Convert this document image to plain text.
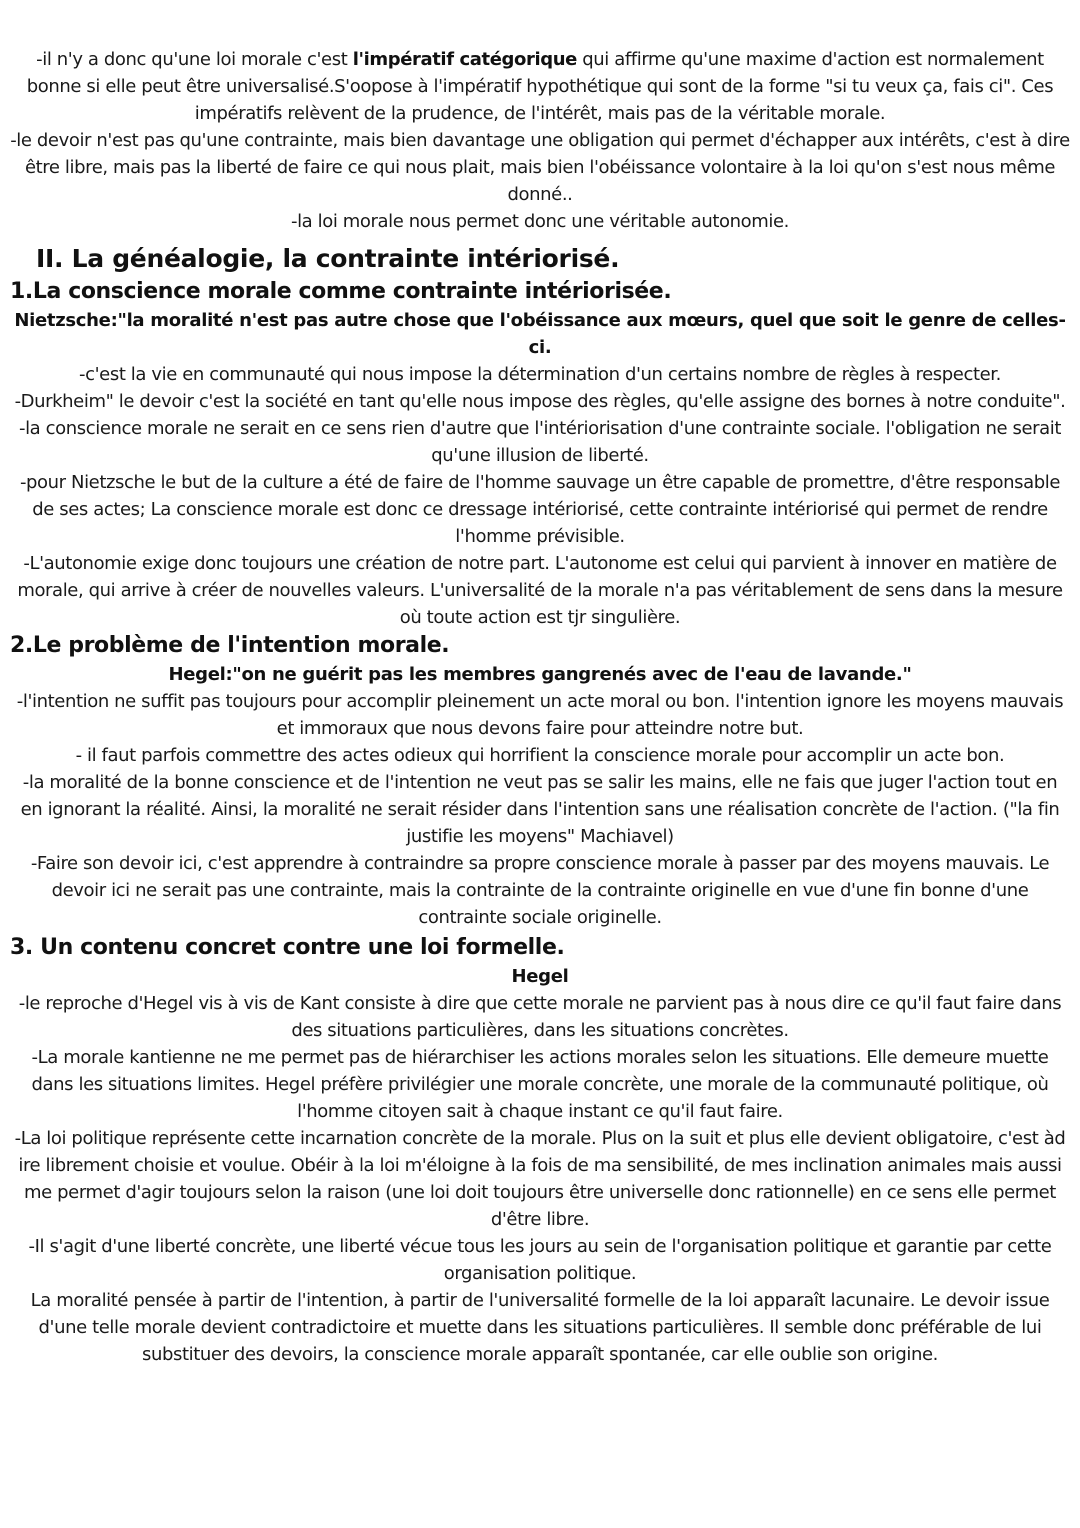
-il n'y a donc qu'une loi morale c'est l'impératif catégorique qui affirme qu'une maxime d'action est normalement bonne si elle peut être universalisé.S'oopose à l'impératif hypothétique qui sont de la forme "si tu veux ça, fais ci". Ces impératifs relèvent de la prudence, de l'intérêt, mais pas de la véritable morale.

-le devoir n'est pas qu'une contrainte, mais bien davantage une obligation qui permet d'échapper aux intérêts, c'est à dire être libre, mais pas la liberté de faire ce qui nous plait, mais bien l'obéissance volontaire à la loi qu'on s'est nous même donné..

-la loi morale nous permet donc une véritable autonomie.

II. La généalogie, la contrainte intériorisé.
1.La conscience morale comme contrainte intériorisée.

Nietzsche:"la moralité n'est pas autre chose que l'obéissance aux mœurs, quel que soit le genre de celles-ci.

-c'est la vie en communauté qui nous impose la détermination d'un certains nombre de règles à respecter.

-Durkheim" le devoir c'est la société en tant qu'elle nous impose des règles, qu'elle assigne des bornes à notre conduite".

-la conscience morale ne serait en ce sens rien d'autre que l'intériorisation d'une contrainte sociale. l'obligation ne serait qu'une illusion de liberté.

-pour Nietzsche le but de la culture a été de faire de l'homme sauvage un être capable de promettre, d'être responsable de ses actes; La conscience morale est donc ce dressage intériorisé, cette contrainte intériorisé qui permet de rendre l'homme prévisible.

-L'autonomie exige donc toujours une création de notre part. L'autonome est celui qui parvient à innover en matière de morale, qui arrive à créer de nouvelles valeurs. L'universalité de la morale n'a pas véritablement de sens dans la mesure où toute action est tjr singulière.

2.Le problème de l'intention morale.

Hegel:"on ne guérit pas les membres gangrenés avec de l'eau de lavande."

-l'intention ne suffit pas toujours pour accomplir pleinement un acte moral ou bon. l'intention ignore les moyens mauvais et immoraux que nous devons faire pour atteindre notre but.

- il faut parfois commettre des actes odieux qui horrifient la conscience morale pour accomplir un acte bon.

-la moralité de la bonne conscience et de l'intention ne veut pas se salir les mains, elle ne fais que juger l'action tout en en ignorant la réalité. Ainsi, la moralité ne serait résider dans l'intention sans une réalisation concrète de l'action. ("la fin justifie les moyens" Machiavel)

-Faire son devoir ici, c'est apprendre à contraindre sa propre conscience morale à passer par des moyens mauvais. Le devoir ici ne serait pas une contrainte, mais la contrainte de la contrainte originelle en vue d'une fin bonne d'une contrainte sociale originelle.

3. Un contenu concret contre une loi formelle.

Hegel

-le reproche d'Hegel vis à vis de Kant consiste à dire que cette morale ne parvient pas à nous dire ce qu'il faut faire dans des situations particulières, dans les situations concrètes.

-La morale kantienne ne me permet pas de hiérarchiser les actions morales selon les situations. Elle demeure muette dans les situations limites. Hegel préfère privilégier une morale concrète, une morale de la communauté politique, où l'homme citoyen sait à chaque instant ce qu'il faut faire.

-La loi politique représente cette incarnation concrète de la morale. Plus on la suit et plus elle devient obligatoire, c'est àd ire librement choisie et voulue. Obéir à la loi m'éloigne à la fois de ma sensibilité, de mes inclination animales mais aussi me permet d'agir toujours selon la raison (une loi doit toujours être universelle donc rationnelle) en ce sens elle permet d'être libre.

-Il s'agit d'une liberté concrète, une liberté vécue tous les jours au sein de l'organisation politique et garantie par cette organisation politique.

La moralité pensée à partir de l'intention, à partir de l'universalité formelle de la loi apparaît lacunaire. Le devoir issue d'une telle morale devient contradictoire et muette dans les situations particulières. Il semble donc préférable de lui substituer des devoirs, la conscience morale apparaît spontanée, car elle oublie son origine.
